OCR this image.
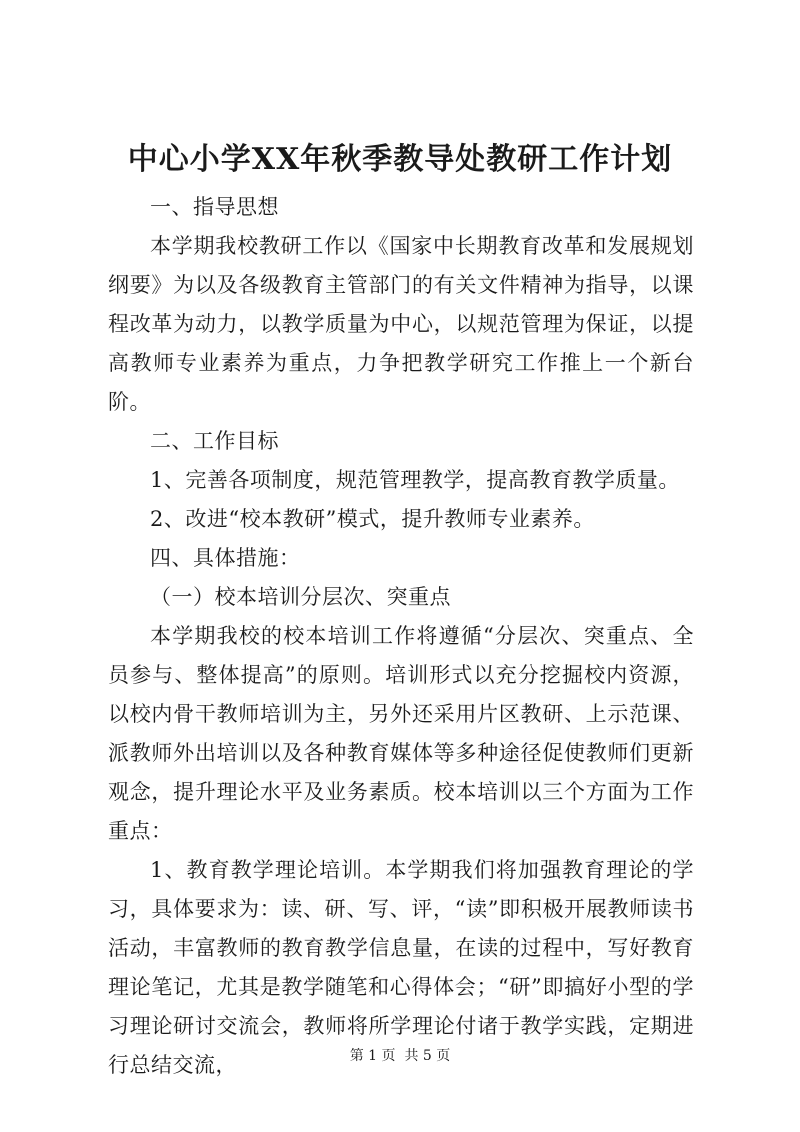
中心小学XX年秋季教导处教研工作计划

一、指导思想

本学期我校教研工作以《国家中长期教育改革和发展规划纲要》为以及各级教育主管部门的有关文件精神为指导，以课程改革为动力，以教学质量为中心，以规范管理为保证，以提高教师专业素养为重点，力争把教学研究工作推上一个新台阶。

二、工作目标

1、完善各项制度，规范管理教学，提高教育教学质量。

2、改进“校本教研”模式，提升教师专业素养。

四、具体措施：

（一）校本培训分层次、突重点

本学期我校的校本培训工作将遵循“分层次、突重点、全员参与、整体提高”的原则。培训形式以充分挖掘校内资源，以校内骨干教师培训为主，另外还采用片区教研、上示范课、派教师外出培训以及各种教育媒体等多种途径促使教师们更新观念，提升理论水平及业务素质。校本培训以三个方面为工作重点：

1、教育教学理论培训。本学期我们将加强教育理论的学习，具体要求为：读、研、写、评，“读”即积极开展教师读书活动，丰富教师的教育教学信息量，在读的过程中，写好教育理论笔记，尤其是教学随笔和心得体会；“研”即搞好小型的学习理论研讨交流会，教师将所学理论付诸于教学实践，定期进行总结交流，	第 1 页  共 5 页
